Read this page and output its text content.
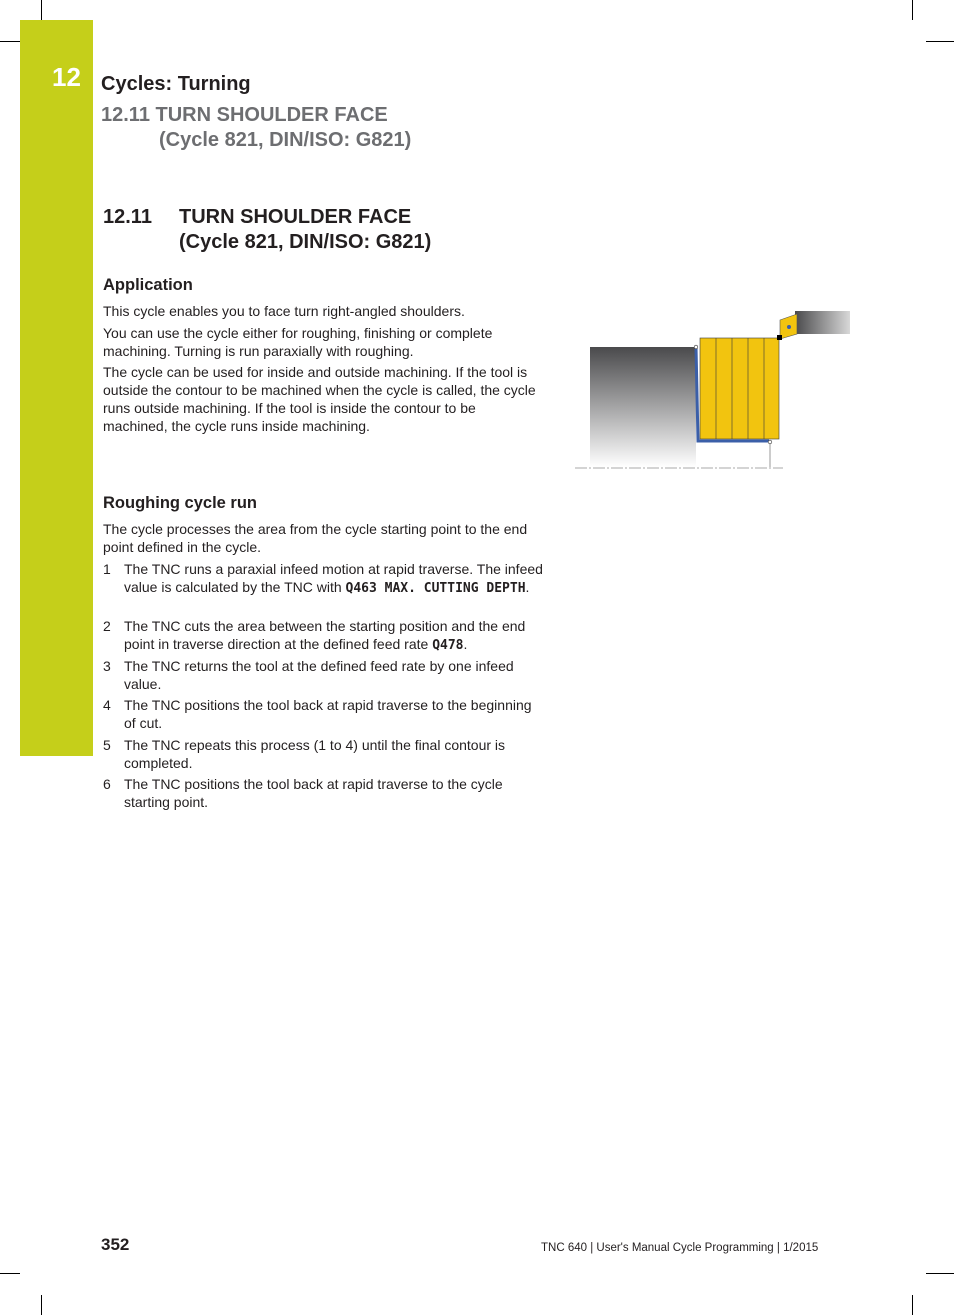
12 Cycles: Turning
12.11 TURN SHOULDER FACE
(Cycle 821, DIN/ISO: G821)
12.11 TURN SHOULDER FACE
(Cycle 821, DIN/ISO: G821)
Application

This cycle enables you to face turn right-angled shoulders.

You can use the cycle either for roughing, finishing or complete machining. Turning is run paraxially with roughing.

The cycle can be used for inside and outside machining. If the tool is outside the contour to be machined when the cycle is called, the cycle runs outside machining. If the tool is inside the contour to be machined, the cycle runs inside machining.

Roughing cycle run

The cycle processes the area from the cycle starting point to the end point defined in the cycle.

1 The TNC runs a paraxial infeed motion at rapid traverse. The infeed value is calculated by the TNC with Q463 MAX. CUTTING DEPTH.
2 The TNC cuts the area between the starting position and the end point in traverse direction at the defined feed rate Q478.
3 The TNC returns the tool at the defined feed rate by one infeed value.
4 The TNC positions the tool back at rapid traverse to the beginning of cut.
5 The TNC repeats this process (1 to 4) until the final contour is completed.
6 The TNC positions the tool back at rapid traverse to the cycle starting point.
352	TNC 640 | User's Manual Cycle Programming | 1/2015
